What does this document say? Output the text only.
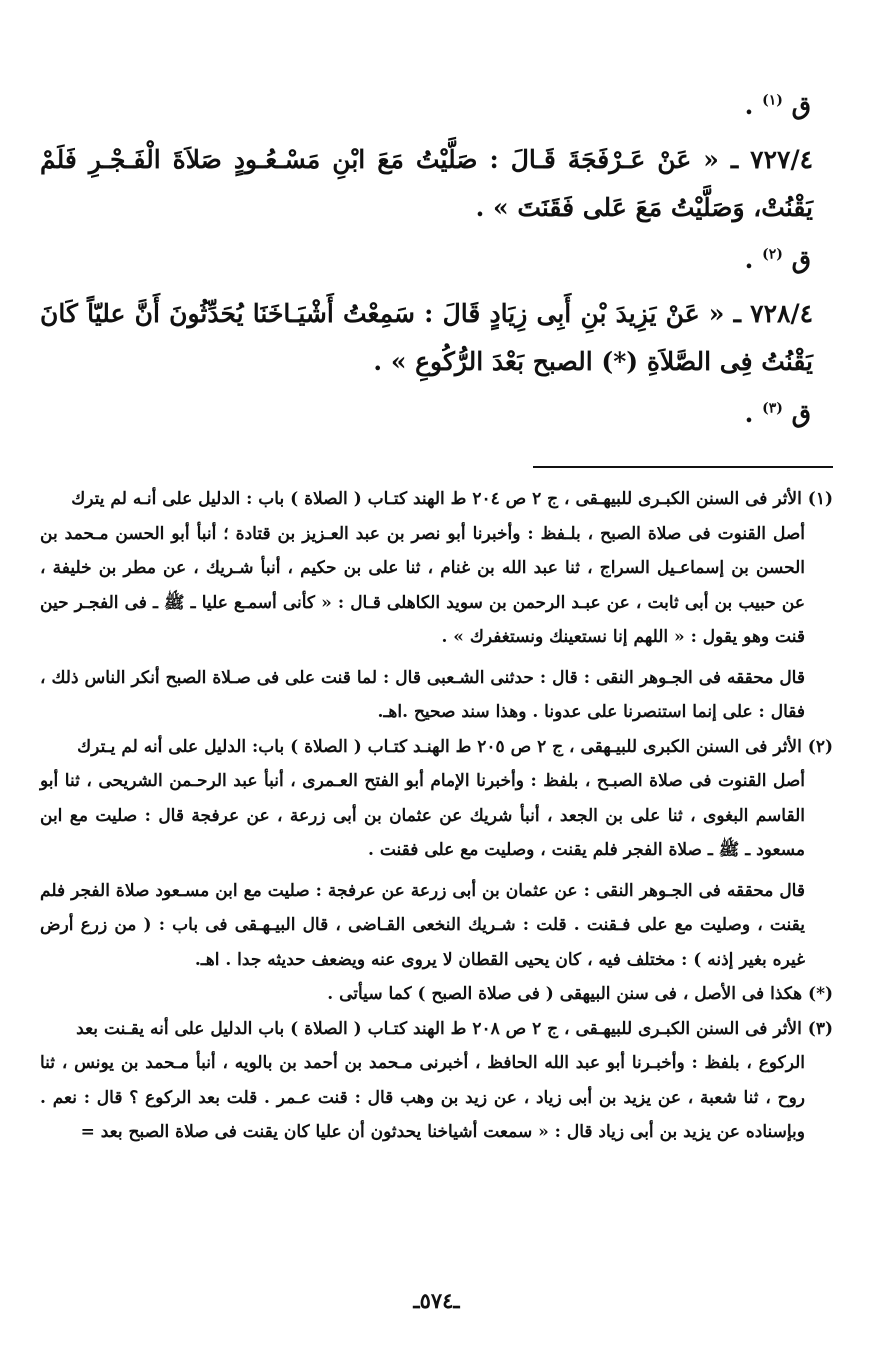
ق $^{(١)}$ .

٧٢٧/٤ ـ « عَنْ عَـرْفَجَةَ قَـالَ : صَلَّيْتُ مَعَ ابْنِ مَسْـعُـودٍ صَلاَةَ الْفَـجْـرِ فَلَمْ يَقْنُتْ، وَصَلَّيْتُ مَعَ عَلى فَقَنَتَ » .

ق $^{(٢)}$ .

٧٢٨/٤ ـ « عَنْ يَزِيدَ بْنِ أَبِى زِيَادٍ قَالَ : سَمِعْتُ أَشْيَـاخَنَا يُحَدِّثُونَ أَنَّ عليّاً كَانَ يَقْنُتُ فِى الصَّلاَةِ (*) الصبح بَعْدَ الرُّكُوعِ » .

ق $^{(٣)}$ .

(١) الأثر فى السنن الكبـرى للبيهـقى ، ج ٢ ص ٢٠٤ ط الهند كتـاب ( الصلاة ) باب : الدليل على أنـه لم يترك

أصل القنوت فى صلاة الصبح ، بلـفظ : وأخبرنا أبو نصر بن عبد العـزيز بن قتادة ؛ أنبأ أبو الحسن مـحمد بن الحسن بن إسماعـيل السراج ، ثنا عبد الله بن غنام ، ثنا على بن حكيم ، أنبأ شـريك ، عن مطر بن خليفة ، عن حبيب بن أبى ثابت ، عن عبـد الرحمن بن سويد الكاهلى قـال : « كأنى أسمـع عليا ـ ﷺ ـ فى الفجـر حين قنت وهو يقول : « اللهم إنا نستعينك ونستغفرك » .

قال محققه فى الجـوهر النقى : قال : حدثنى الشـعبى قال : لما قنت على فى صـلاة الصبح أنكر الناس ذلك ، فقال : على إنما استنصرنا على عدونا . وهذا سند صحيح .اهـ.

(٢) الأثر فى السنن الكبرى للبيـهقى ، ج ٢ ص ٢٠٥ ط الهنـد كتـاب ( الصلاة ) باب: الدليل على أنه لم يـترك

أصل القنوت فى صلاة الصبـح ، بلفظ : وأخبرنا الإمام أبو الفتح العـمرى ، أنبأ عبد الرحـمن الشريحى ، ثنا أبو القاسم البغوى ، ثنا على بن الجعد ، أنبأ شريك عن عثمان بن أبى زرعة ، عن عرفجة قال : صليت مع ابن مسعود ـ ﷺ ـ صلاة الفجر فلم يقنت ، وصليت مع على فقنت .

قال محققه فى الجـوهر النقى : عن عثمان بن أبى زرعة عن عرفجة : صليت مع ابن مسـعود صلاة الفجر فلم يقنت ، وصليت مع على فـقنت . قلت : شـريك النخعى القـاضى ، قال البيـهـقى فى باب : ( من زرع أرض غيره بغير إذنه ) : مختلف فيه ، كان يحيى القطان لا يروى عنه ويضعف حديثه جدا . اهـ.

(*) هكذا فى الأصل ، فى سنن البيهقى ( فى صلاة الصبح ) كما سيأتى .

(٣) الأثر فى السنن الكبـرى للبيهـقى ، ج ٢ ص ٢٠٨ ط الهند كتـاب ( الصلاة ) باب الدليل على أنه يقـنت بعد

الركوع ، بلفظ : وأخبـرنا أبو عبد الله الحافظ ، أخبرنى مـحمد بن أحمد بن بالويه ، أنبأ مـحمد بن يونس ، ثنا روح ، ثنا شعبة ، عن يزيد بن أبى زياد ، عن زيد بن وهب قال : قنت عـمر . قلت بعد الركوع ؟ قال : نعم . وبإسناده عن يزيد بن أبى زياد قال : « سمعت أشياخنا يحدثون أن عليا كان يقنت فى صلاة الصبح بعد =

ـ٥٧٤ـ
